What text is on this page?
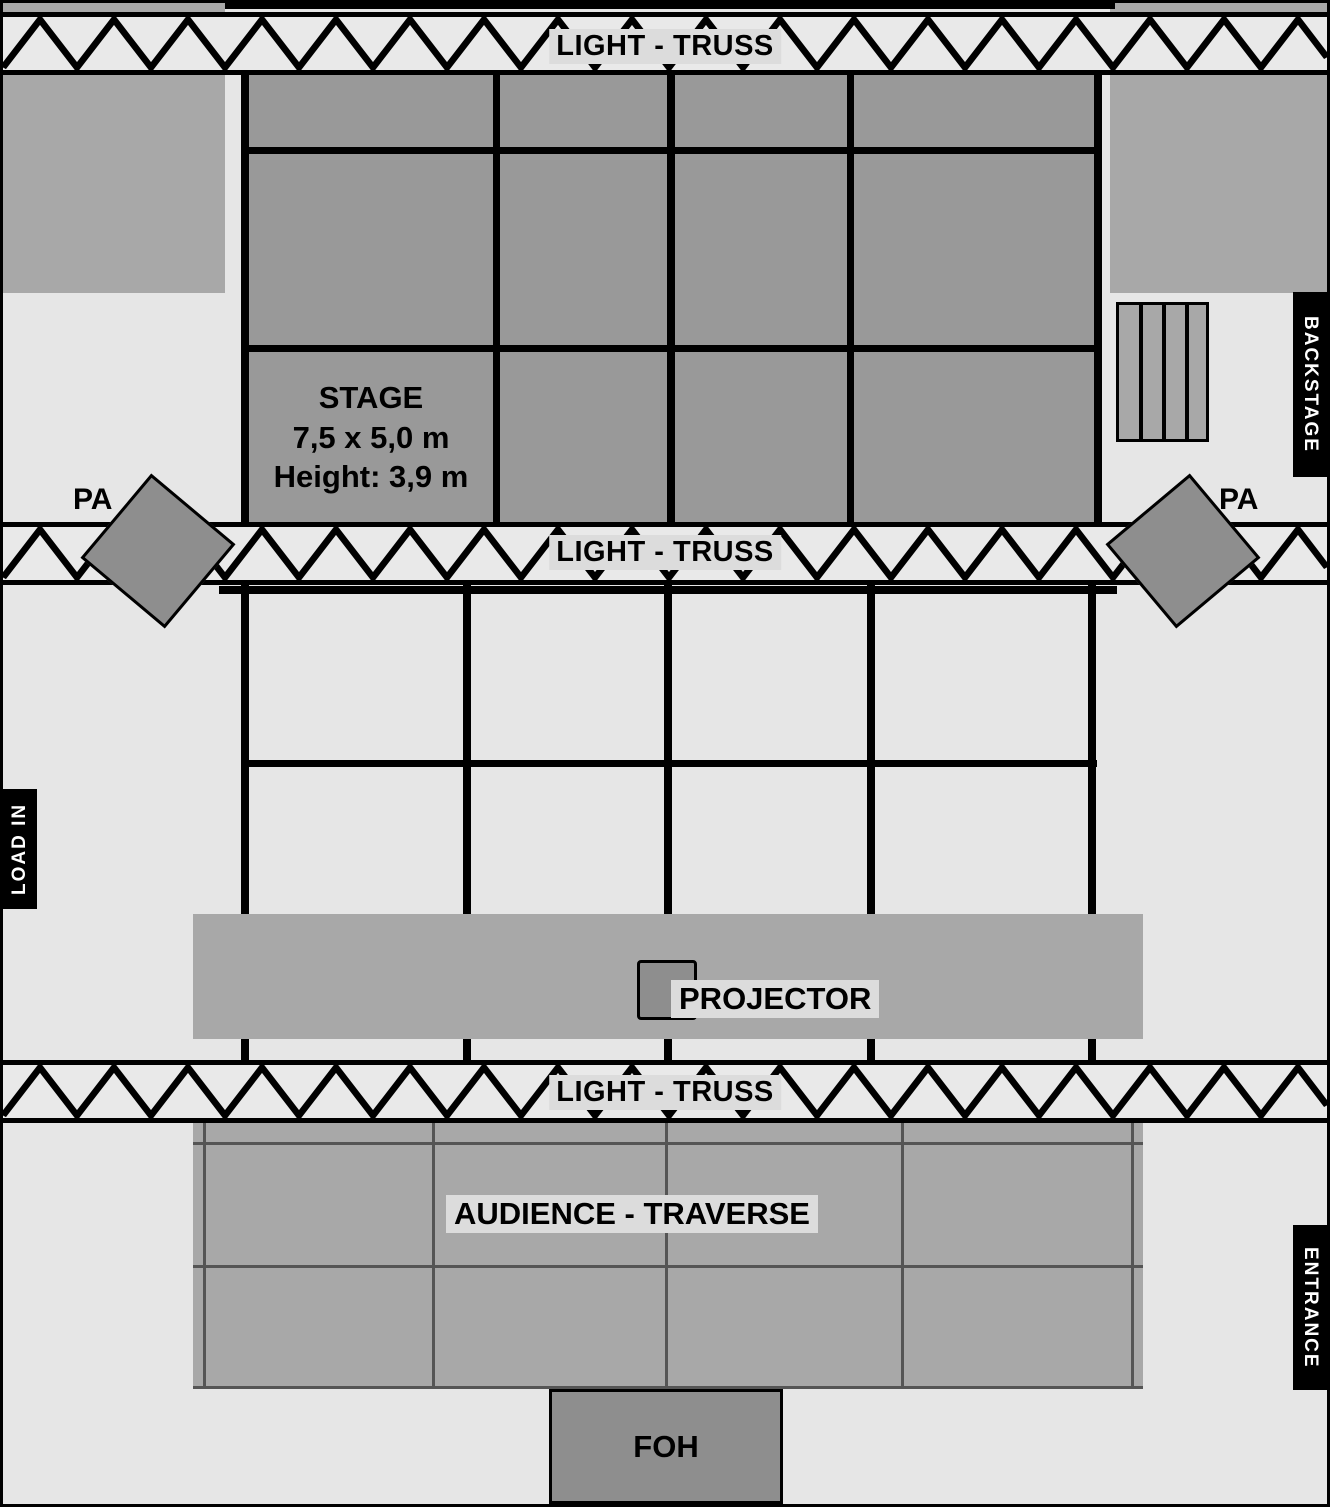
STAGE
7,5 x 5,0 m
Height: 3,9 m
LIGHT - TRUSS
LIGHT - TRUSS
PA	PA
PROJECTOR
LIGHT - TRUSS
AUDIENCE - TRAVERSE
FOH
LOAD IN
BACKSTAGE
ENTRANCE
